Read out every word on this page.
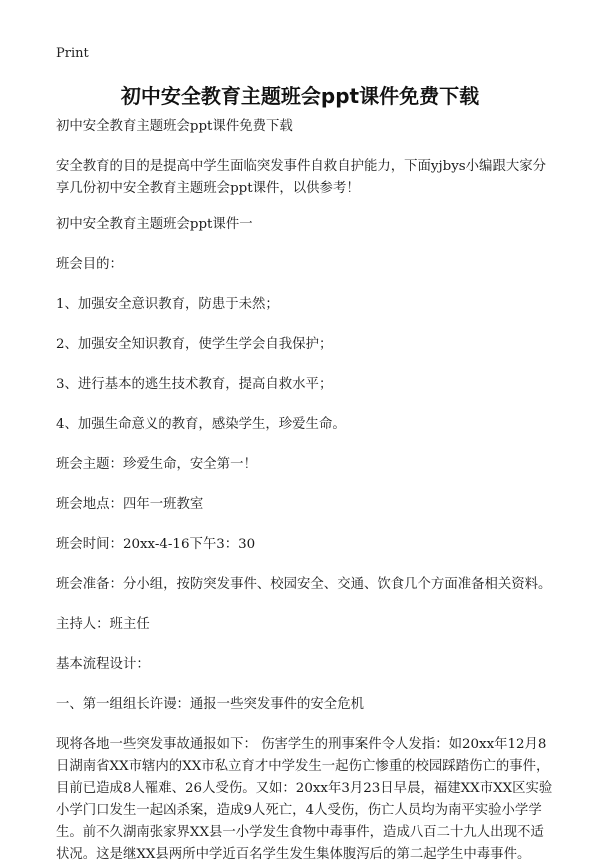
Print
初中安全教育主题班会ppt课件免费下载

初中安全教育主题班会ppt课件免费下载

安全教育的目的是提高中学生面临突发事件自救自护能力，下面yjbys小编跟大家分享几份初中安全教育主题班会ppt课件，以供参考！

初中安全教育主题班会ppt课件一

班会目的：

1、加强安全意识教育，防患于未然；

2、加强安全知识教育，使学生学会自我保护；

3、进行基本的逃生技术教育，提高自救水平；

4、加强生命意义的教育，感染学生，珍爱生命。

班会主题：珍爱生命，安全第一！

班会地点：四年一班教室

班会时间：20xx-4-16下午3：30

班会准备：分小组，按防突发事件、校园安全、交通、饮食几个方面准备相关资料。

主持人：班主任

基本流程设计：

一、第一组组长许谩：通报一些突发事件的安全危机

现将各地一些突发事故通报如下： 伤害学生的刑事案件令人发指：如20xx年12月8日湖南省XX市辖内的XX市私立育才中学发生一起伤亡惨重的校园踩踏伤亡的事件，目前已造成8人罹难、26人受伤。又如：20xx年3月23日早晨，福建XX市XX区实验小学门口发生一起凶杀案，造成9人死亡，4人受伤，伤亡人员均为南平实验小学学生。前不久湖南张家界XX县一小学发生食物中毒事件，造成八百二十九人出现不适状况。这是继XX县两所中学近百名学生发生集体腹泻后的第二起学生中毒事件。
